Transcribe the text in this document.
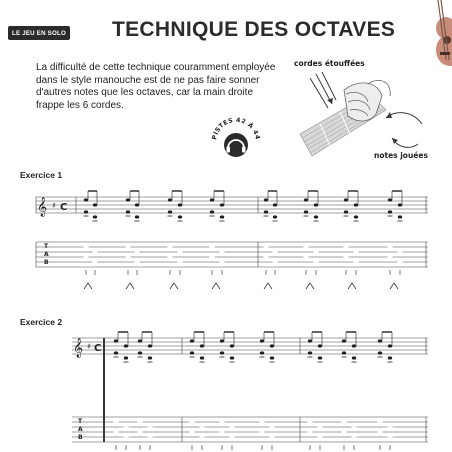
LE JEU EN SOLO TECHNIQUE DES OCTAVES

La difficulté de cette technique couramment employée dans le style manouche est de ne pas faire sonner d'autres notes que les octaves, car la main droite frappe les 6 cordes.

PISTES 42 À 44
cordes étouffées
notes jouées

Exercice 1

Exercice 2

𝄞 ♯ C
T
A
B
𝄞 ♯ C
T
A
B
